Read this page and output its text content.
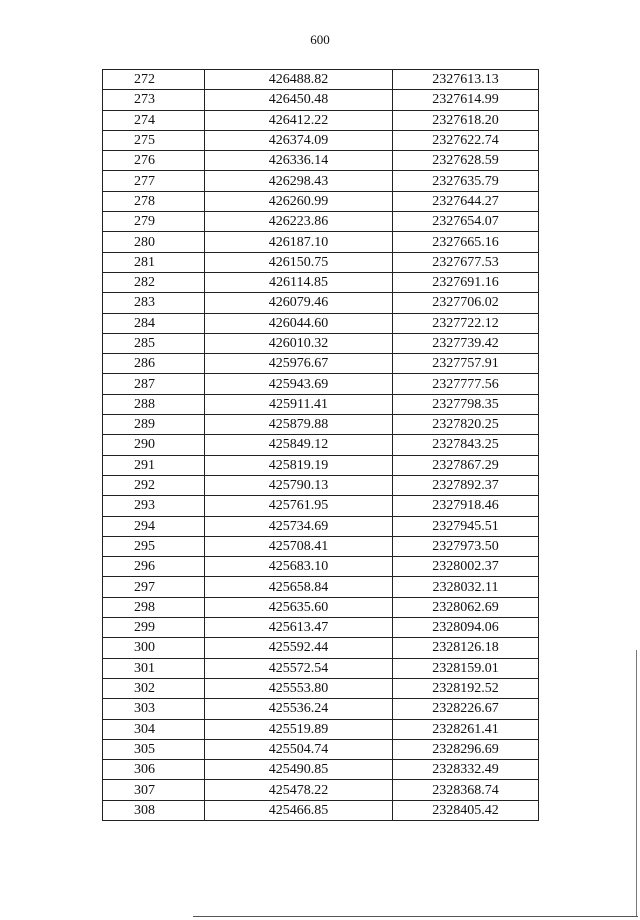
600
272	426488.82	2327613.13
273	426450.48	2327614.99
274	426412.22	2327618.20
275	426374.09	2327622.74
276	426336.14	2327628.59
277	426298.43	2327635.79
278	426260.99	2327644.27
279	426223.86	2327654.07
280	426187.10	2327665.16
281	426150.75	2327677.53
282	426114.85	2327691.16
283	426079.46	2327706.02
284	426044.60	2327722.12
285	426010.32	2327739.42
286	425976.67	2327757.91
287	425943.69	2327777.56
288	425911.41	2327798.35
289	425879.88	2327820.25
290	425849.12	2327843.25
291	425819.19	2327867.29
292	425790.13	2327892.37
293	425761.95	2327918.46
294	425734.69	2327945.51
295	425708.41	2327973.50
296	425683.10	2328002.37
297	425658.84	2328032.11
298	425635.60	2328062.69
299	425613.47	2328094.06
300	425592.44	2328126.18
301	425572.54	2328159.01
302	425553.80	2328192.52
303	425536.24	2328226.67
304	425519.89	2328261.41
305	425504.74	2328296.69
306	425490.85	2328332.49
307	425478.22	2328368.74
308	425466.85	2328405.42
